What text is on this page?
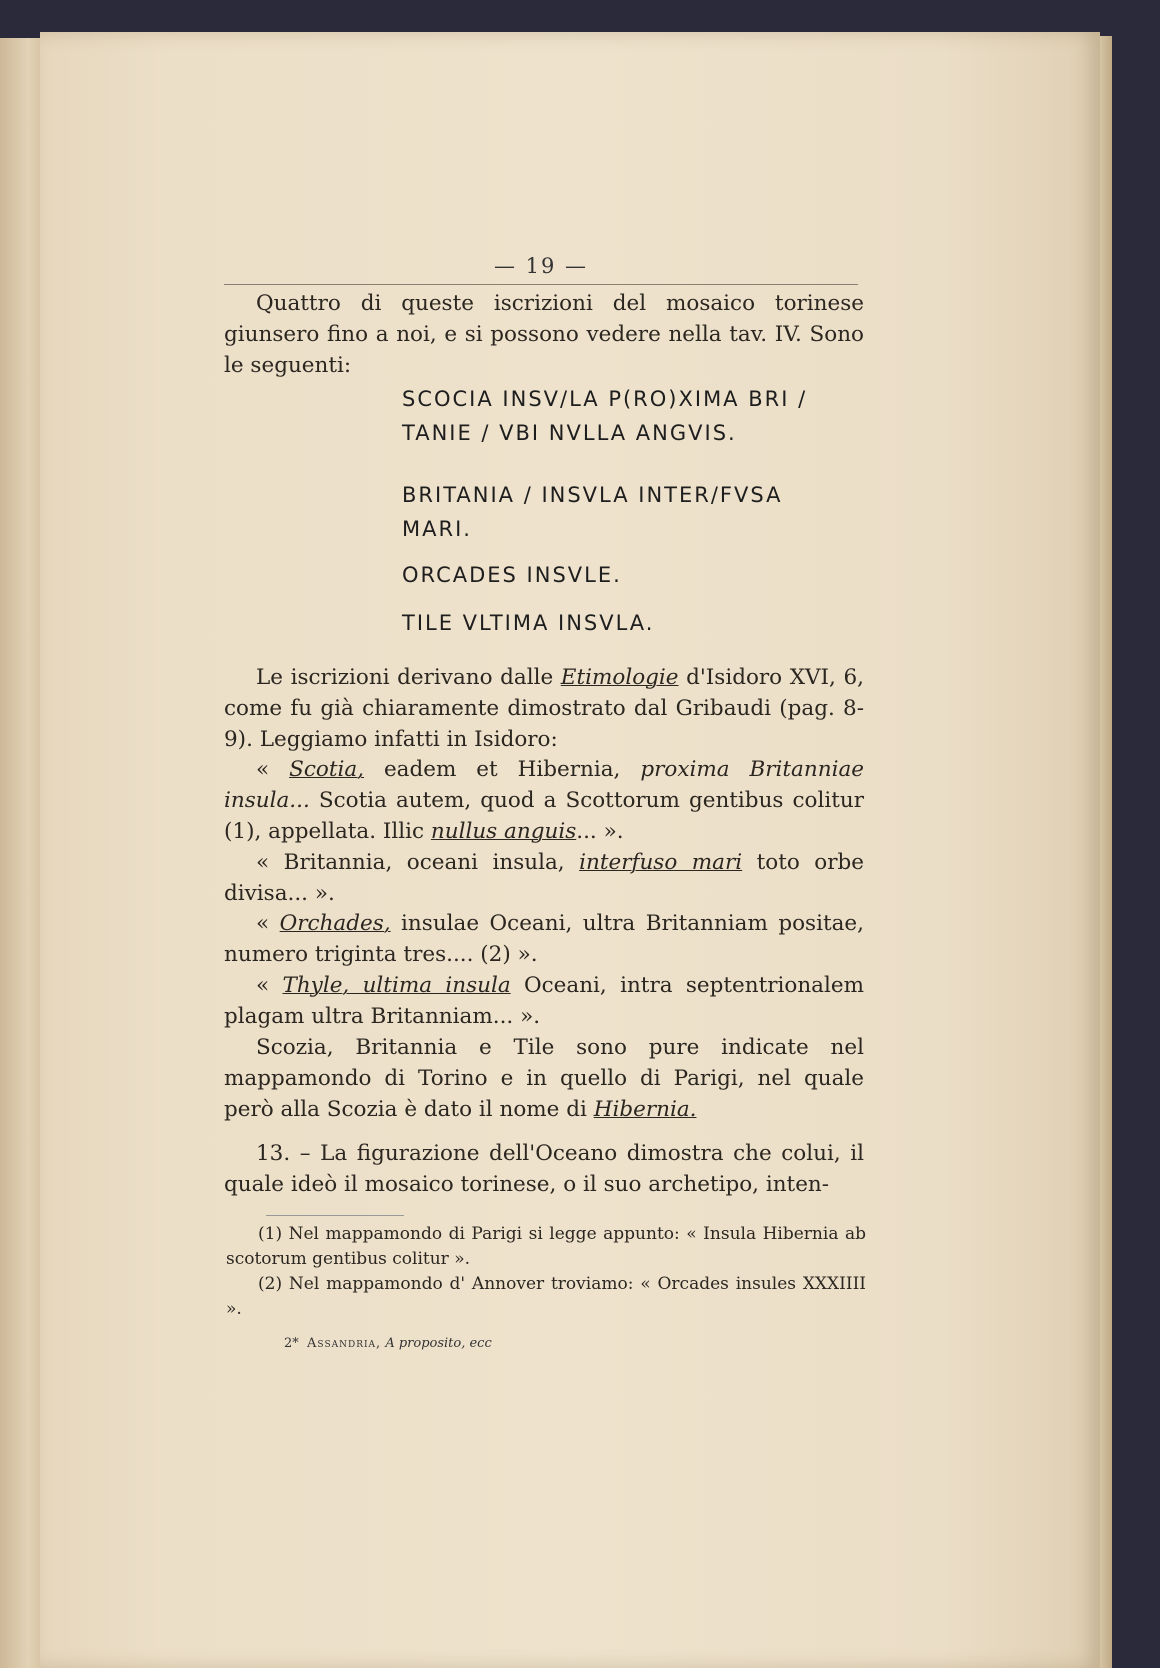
— 19 —
Quattro di queste iscrizioni del mosaico torinese giunsero fino a noi, e si possono vedere nella tav. IV. Sono le seguenti:
SCOCIA INSV/LA P(RO)XIMA BRI /
TANIE / VBI NVLLA ANGVIS.
BRITANIA / INSVLA INTER/FVSA
MARI.
ORCADES INSVLE.
TILE VLTIMA INSVLA.
Le iscrizioni derivano dalle Etimologie d'Isidoro XVI, 6, come fu già chiaramente dimostrato dal Gribaudi (pag. 8-9). Leggiamo infatti in Isidoro:
« Scotia, eadem et Hibernia, proxima Britanniae insula... Scotia autem, quod a Scottorum gentibus colitur (1), appellata. Illic nullus anguis... ».
« Britannia, oceani insula, interfuso mari toto orbe divisa... ».
« Orchades, insulae Oceani, ultra Britanniam positae, numero triginta tres.... (2) ».
« Thyle, ultima insula Oceani, intra septentrionalem plagam ultra Britanniam... ».
Scozia, Britannia e Tile sono pure indicate nel mappamondo di Torino e in quello di Parigi, nel quale però alla Scozia è dato il nome di Hibernia.
13. – La figurazione dell'Oceano dimostra che colui, il quale ideò il mosaico torinese, o il suo archetipo, inten-
(1) Nel mappamondo di Parigi si legge appunto: « Insula Hibernia ab scotorum gentibus colitur ».
(2) Nel mappamondo d' Annover troviamo: « Orcades insules XXXIIII ».
2* Assandria, A proposito, ecc
